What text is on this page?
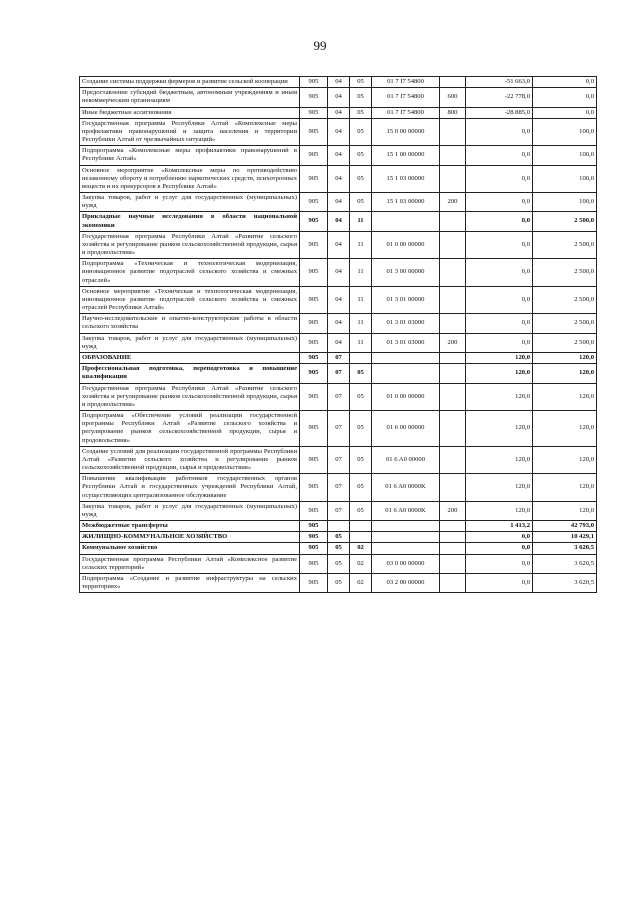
99
Создание системы поддержки фермеров и развитие сельской кооперации	905	04	05	01 7 I7 54800		-51 663,0	0,0
Предоставление субсидий бюджетным, автономным учреждениям и иным некоммерческим организациям	905	04	05	01 7 I7 54800	600	-22 778,0	0,0
Иные бюджетные ассигнования	905	04	05	01 7 I7 54800	800	-28 885,0	0,0
Государственная программа Республики Алтай «Комплексные меры профилактики правонарушений и защита населения и территории Республики Алтай от чрезвычайных ситуаций»	905	04	05	15 0 00 00000		0,0	100,0
Подпрограмма «Комплексные меры профилактики правонарушений в Республике Алтай»	905	04	05	15 1 00 00000		0,0	100,0
Основное мероприятие «Комплексные меры по противодействию незаконному обороту и потреблению наркотических средств, психотропных веществ и их прекурсоров в Республике Алтай»	905	04	05	15 1 03 00000		0,0	100,0
Закупка товаров, работ и услуг для государственных (муниципальных) нужд	905	04	05	15 1 03 00000	200	0,0	100,0
Прикладные научные исследования в области национальной экономики	905	04	11			0,0	2 500,0
Государственная программа Республики Алтай «Развитие сельского хозяйства и регулирование рынков сельскохозяйственной продукции, сырья и продовольствия»	905	04	11	01 0 00 00000		0,0	2 500,0
Подпрограмма «Техническая и технологическая модернизация, инновационное развитие подотраслей сельского хозяйства и смежных отраслей»	905	04	11	01 3 00 00000		0,0	2 500,0
Основное мероприятие «Техническая и технологическая модернизация, инновационное развитие подотраслей сельского хозяйства и смежных отраслей Республики Алтай»	905	04	11	01 3 01 00000		0,0	2 500,0
Научно-исследовательские и опытно-конструкторские работы в области сельского хозяйства	905	04	11	01 3 01 03000		0,0	2 500,0
Закупка товаров, работ и услуг для государственных (муниципальных) нужд	905	04	11	01 3 01 03000	200	0,0	2 500,0
ОБРАЗОВАНИЕ	905	07				120,0	120,0
Профессиональная подготовка, переподготовка и повышение квалификации	905	07	05			120,0	120,0
Государственная программа Республики Алтай «Развитие сельского хозяйства и регулирование рынков сельскохозяйственной продукции, сырья и продовольствия»	905	07	05	01 0 00 00000		120,0	120,0
Подпрограмма «Обеспечение условий реализации государственной программы Республики Алтай «Развитие сельского хозяйства и регулирование рынков сельскохозяйственной продукции, сырья и продовольствия»	905	07	05	01 6 00 00000		120,0	120,0
Создание условий для реализации государственной программы Республики Алтай «Развитие сельского хозяйства и регулирование рынков сельскохозяйственной продукции, сырья и продовольствия»	905	07	05	01 6 A0 00000		120,0	120,0
Повышение квалификации работников государственных органов Республики Алтай и государственных учреждений Республики Алтай, осуществляющих централизованное обслуживание	905	07	05	01 6 A0 0000K		120,0	120,0
Закупка товаров, работ и услуг для государственных (муниципальных) нужд	905	07	05	01 6 A0 0000K	200	120,0	120,0
Межбюджетные трансферты	905					1 413,2	42 793,0
ЖИЛИЩНО-КОММУНАЛЬНОЕ ХОЗЯЙСТВО	905	05				0,0	10 429,1
Коммунальное хозяйство	905	05	02			0,0	3 620,5
Государственная программа Республики Алтай «Комплексное развитие сельских территорий»	905	05	02	03 0 00 00000		0,0	3 620,5
Подпрограмма «Создание и развитие инфраструктуры на сельских территориях»	905	05	02	03 2 00 00000		0,0	3 620,5
